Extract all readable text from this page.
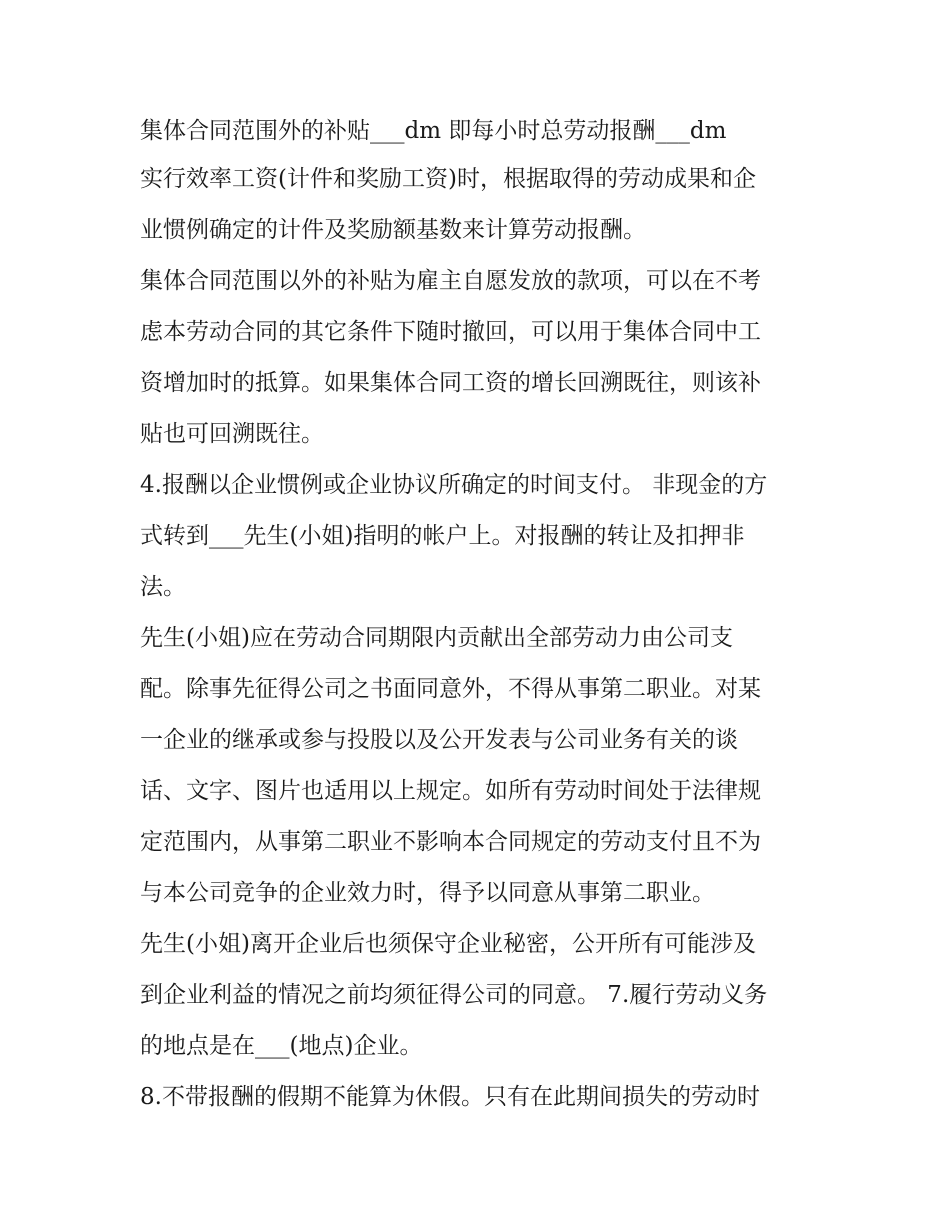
集体合同范围外的补贴___dm 即每小时总劳动报酬___dm
实行效率工资(计件和奖励工资)时，根据取得的劳动成果和企
业惯例确定的计件及奖励额基数来计算劳动报酬。
集体合同范围以外的补贴为雇主自愿发放的款项，可以在不考
虑本劳动合同的其它条件下随时撤回，可以用于集体合同中工
资增加时的抵算。如果集体合同工资的增长回溯既往，则该补
贴也可回溯既往。
4.报酬以企业惯例或企业协议所确定的时间支付。 非现金的方
式转到___先生(小姐)指明的帐户上。对报酬的转让及扣押非
法。
先生(小姐)应在劳动合同期限内贡献出全部劳动力由公司支
配。除事先征得公司之书面同意外，不得从事第二职业。对某
一企业的继承或参与投股以及公开发表与公司业务有关的谈
话、文字、图片也适用以上规定。如所有劳动时间处于法律规
定范围内，从事第二职业不影响本合同规定的劳动支付且不为
与本公司竞争的企业效力时，得予以同意从事第二职业。
先生(小姐)离开企业后也须保守企业秘密，公开所有可能涉及
到企业利益的情况之前均须征得公司的同意。 7.履行劳动义务
的地点是在___(地点)企业。
8.不带报酬的假期不能算为休假。只有在此期间损失的劳动时
